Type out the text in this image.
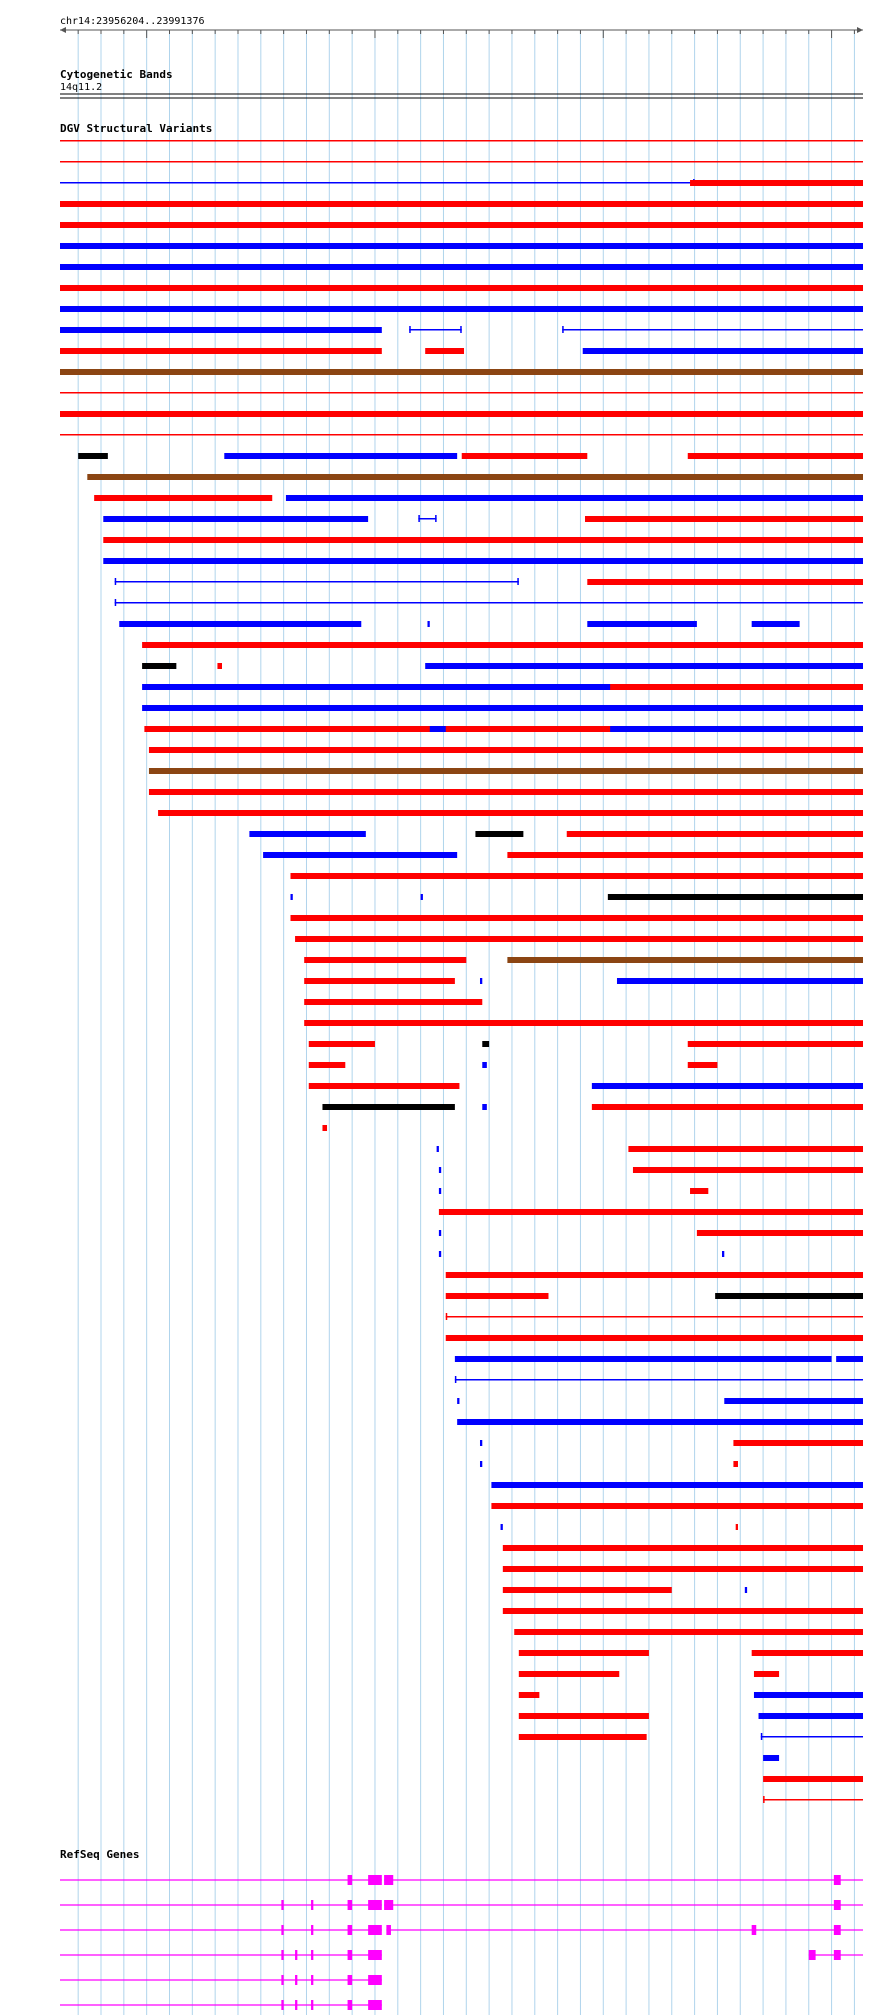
chr14:23956204..23991376
Cytogenetic Bands
14q11.2
DGV Structural Variants
RefSeq Genes
